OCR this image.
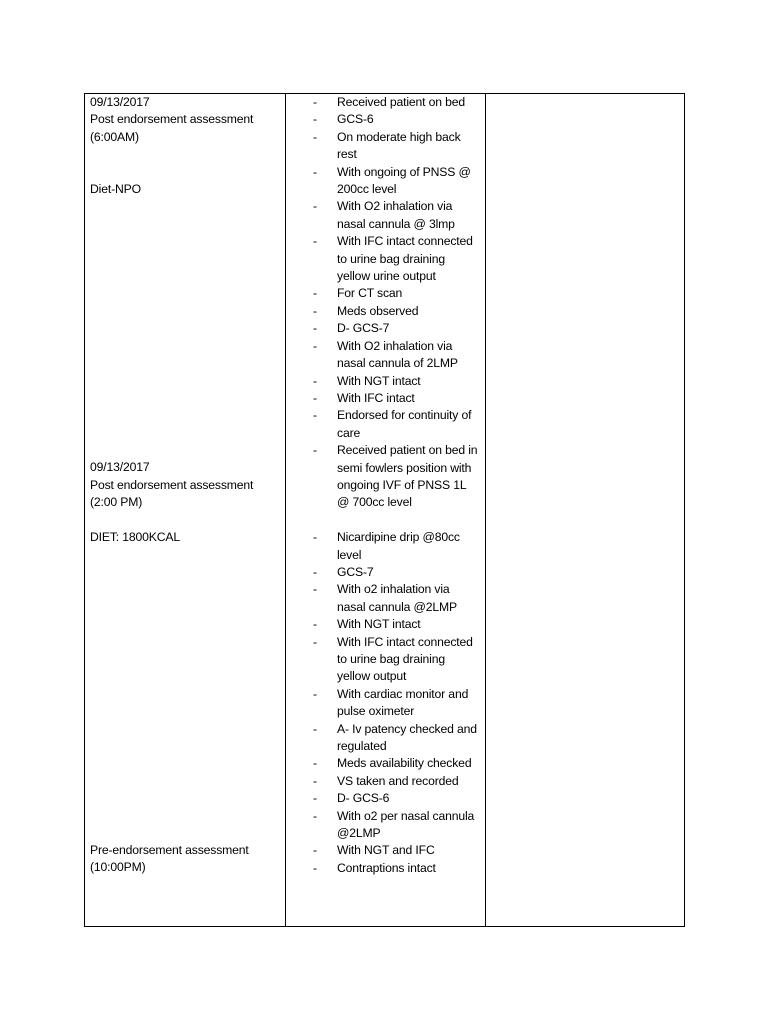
09/13/2017
Post endorsement assessment
(6:00AM)
Diet-NPO
09/13/2017
Post endorsement assessment
(2:00 PM)
DIET: 1800KCAL
Pre-endorsement assessment
(10:00PM)
- Received patient on bed
- GCS-6
- On moderate high back rest
- With ongoing of PNSS @ 200cc level
- With O2 inhalation via nasal cannula @ 3lmp
- With IFC intact connected to urine bag draining yellow urine output
- For CT scan
- Meds observed
- D- GCS-7
- With O2 inhalation via nasal cannula of 2LMP
- With NGT intact
- With IFC intact
- Endorsed for continuity of care
- Received patient on bed in semi fowlers position with ongoing IVF of PNSS 1L @ 700cc level
- Nicardipine drip @80cc level
- GCS-7
- With o2 inhalation via nasal cannula @2LMP
- With NGT intact
- With IFC intact connected to urine bag draining yellow output
- With cardiac monitor and pulse oximeter
- A- Iv patency checked and regulated
- Meds availability checked
- VS taken and recorded
- D- GCS-6
- With o2 per nasal cannula @2LMP
- With NGT and IFC
- Contraptions intact
